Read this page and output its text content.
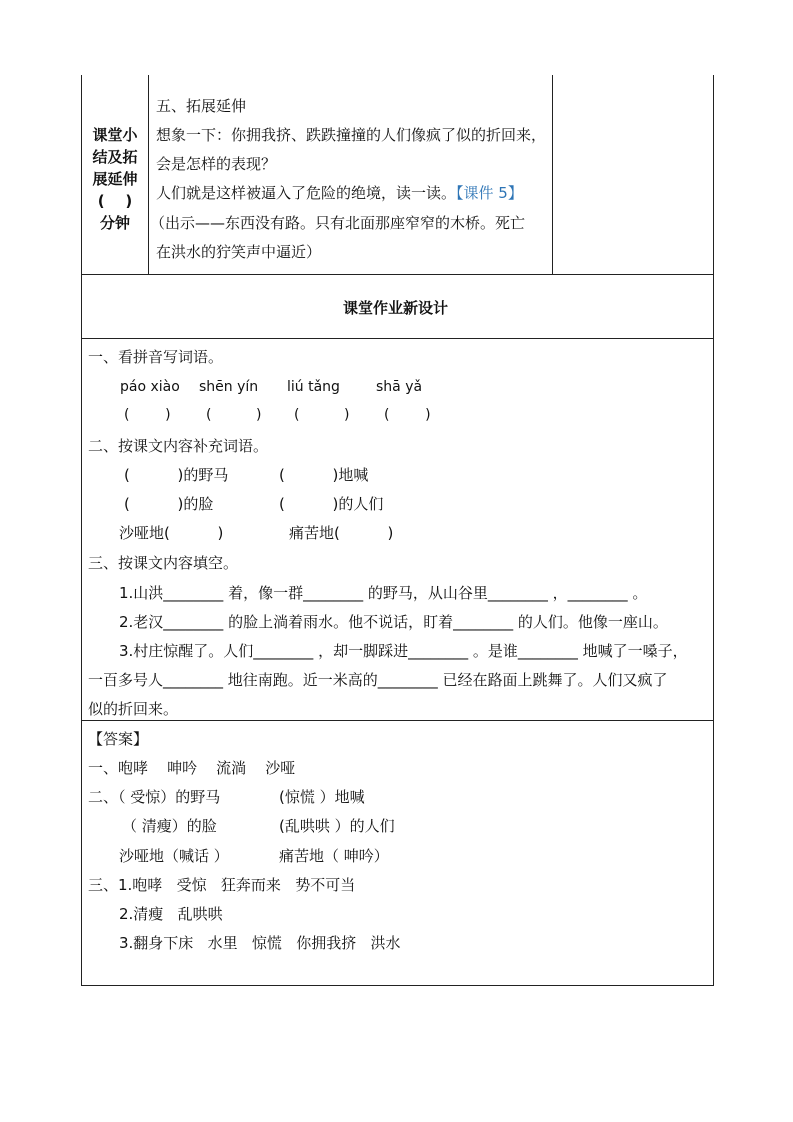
课堂小
结及拓
展延伸
(    )
分钟
五、拓展延伸
想象一下：你拥我挤、跌跌撞撞的人们像疯了似的折回来，
会是怎样的表现？
人们就是这样被逼入了危险的绝境，读一读。【课件 5】
（出示——东西没有路。只有北面那座窄窄的木桥。死亡
在洪水的狞笑声中逼近）
课堂作业新设计
一、看拼音写词语。
páo xiào shēn yín liú tǎng	shā yǎ
(        )	(          ) (          ) (        )
二、按课文内容补充词语。
(          )的野马	(          )地喊
(          )的脸	(          )的人们
沙哑地(          )	痛苦地(          )
三、按课文内容填空。
1.山洪________ 着，像一群________ 的野马，从山谷里________ ，________ 。
2.老汉________ 的脸上淌着雨水。他不说话，盯着________ 的人们。他像一座山。
3.村庄惊醒了。人们________ ，却一脚踩进________ 。是谁________ 地喊了一嗓子，
一百多号人________ 地往南跑。近一米高的________ 已经在路面上跳舞了。人们又疯了
似的折回来。
【答案】
一、咆哮    呻吟    流淌    沙哑
二、（ 受惊）的野马	(惊慌 ）地喊
（ 清瘦）的脸	(乱哄哄 ）的人们
沙哑地（喊话 ）	痛苦地（ 呻吟）
三、1.咆哮   受惊   狂奔而来   势不可当
2.清瘦   乱哄哄
3.翻身下床   水里   惊慌   你拥我挤   洪水
